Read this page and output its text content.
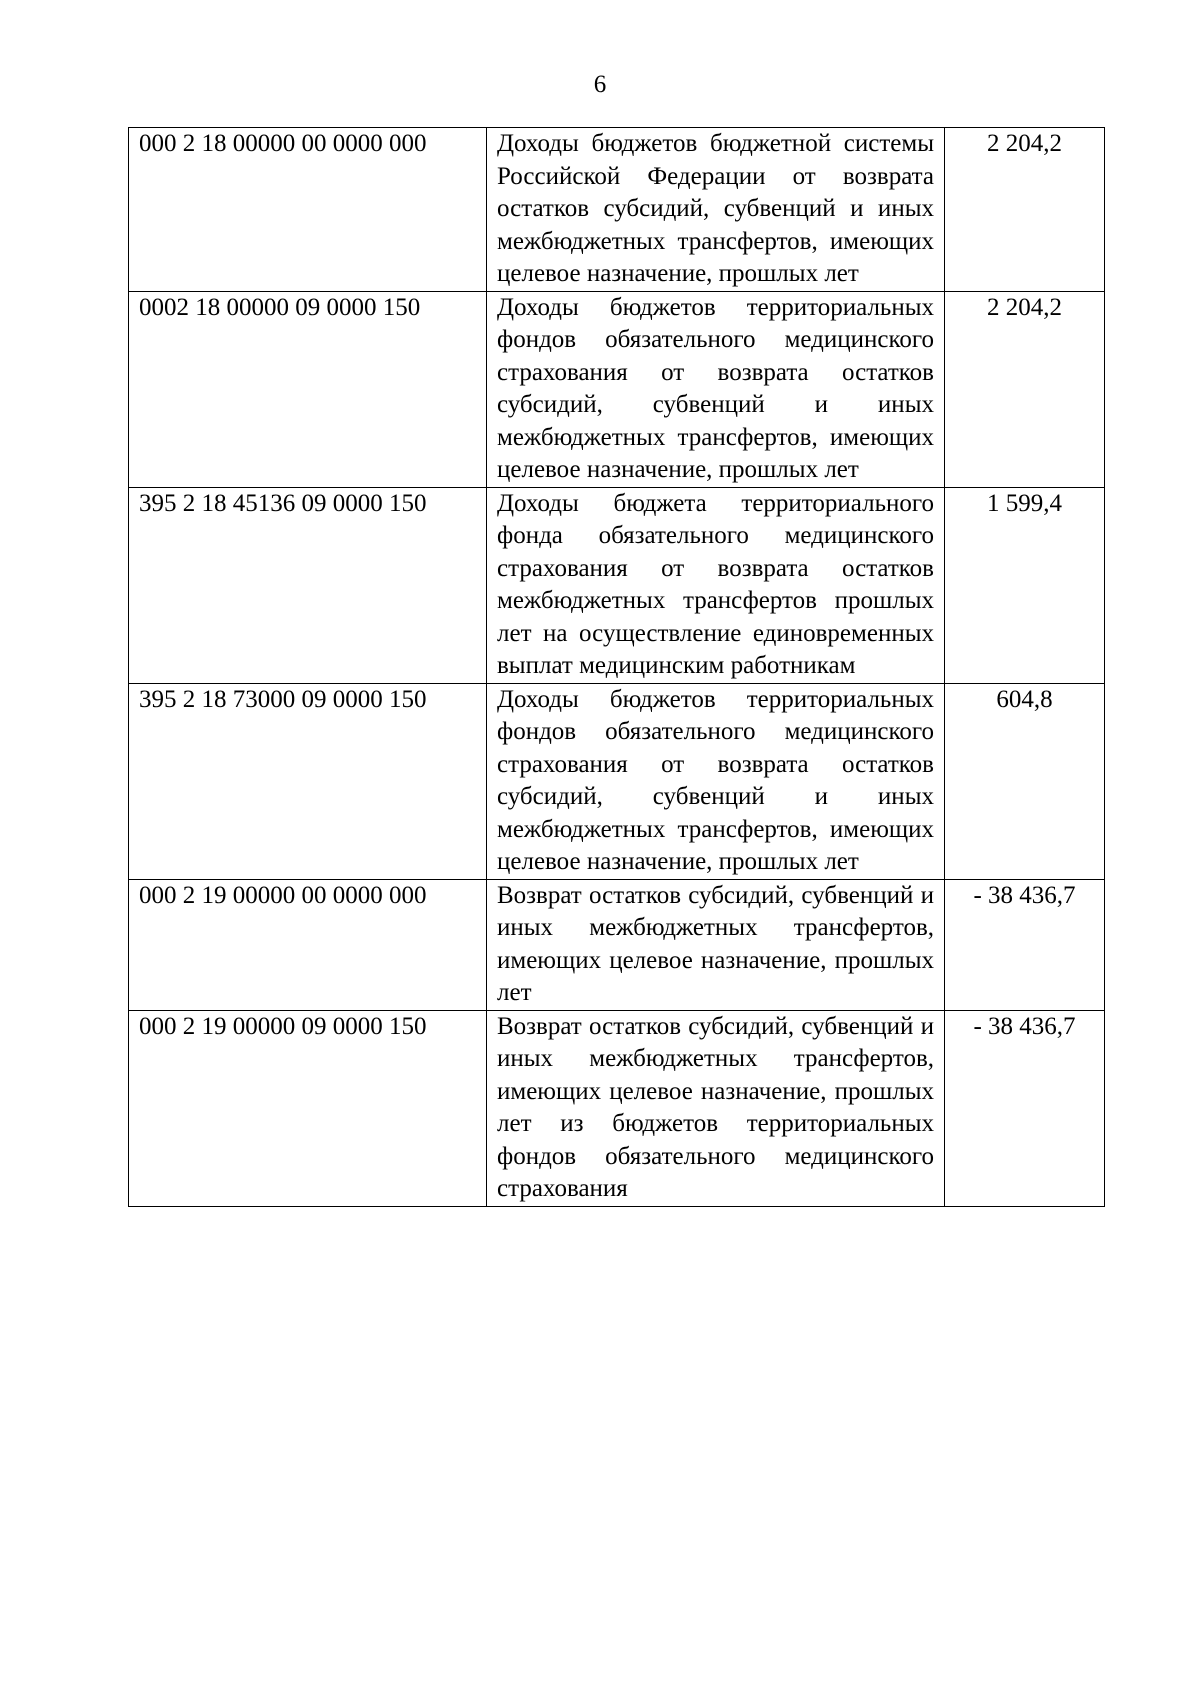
6
000 2 18 00000 00 0000 000	Доходы бюджетов бюджетной системы Российской Федерации от возврата остатков субсидий, субвенций и иных межбюджетных трансфертов, имеющих целевое назначение, прошлых лет	2 204,2
0002 18 00000 09 0000 150	Доходы бюджетов территориальных фондов обязательного медицинского страхования от возврата остатков субсидий, субвенций и иных межбюджетных трансфертов, имеющих целевое назначение, прошлых лет	2 204,2
395 2 18 45136 09 0000 150	Доходы бюджета территориального фонда обязательного медицинского страхования от возврата остатков межбюджетных трансфертов прошлых лет на осуществление единовременных выплат медицинским работникам	1 599,4
395 2 18 73000 09 0000 150	Доходы бюджетов территориальных фондов обязательного медицинского страхования от возврата остатков субсидий, субвенций и иных межбюджетных трансфертов, имеющих целевое назначение, прошлых лет	604,8
000 2 19 00000 00 0000 000	Возврат остатков субсидий, субвенций и иных межбюджетных трансфертов, имеющих целевое назначение, прошлых лет	- 38 436,7
000 2 19 00000 09 0000 150	Возврат остатков субсидий, субвенций и иных межбюджетных трансфертов, имеющих целевое назначение, прошлых лет из бюджетов территориальных фондов обязательного медицинского страхования	- 38 436,7
